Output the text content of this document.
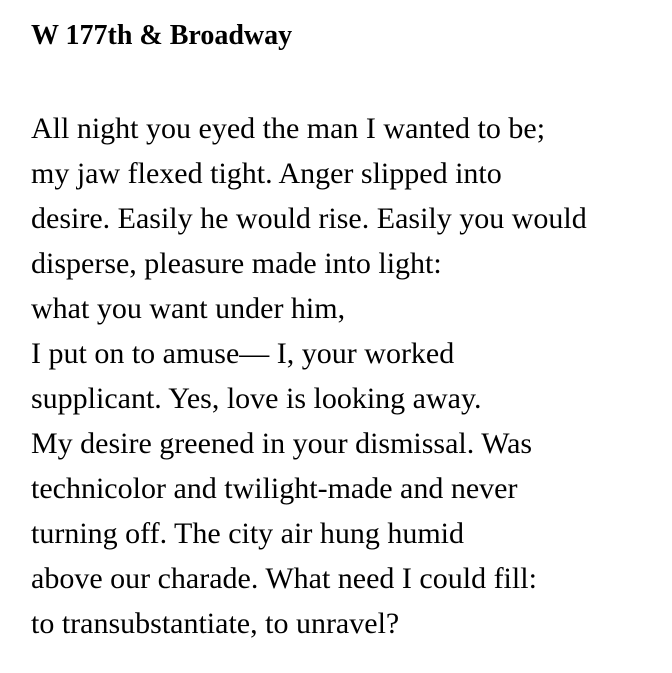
W 177th & Broadway
All night you eyed the man I wanted to be;
my jaw flexed tight. Anger slipped into
desire. Easily he would rise. Easily you would
disperse, pleasure made into light:
what you want under him,
I put on to amuse— I, your worked
supplicant. Yes, love is looking away.
My desire greened in your dismissal. Was
technicolor and twilight-made and never
turning off. The city air hung humid
above our charade. What need I could fill:
to transubstantiate, to unravel?
